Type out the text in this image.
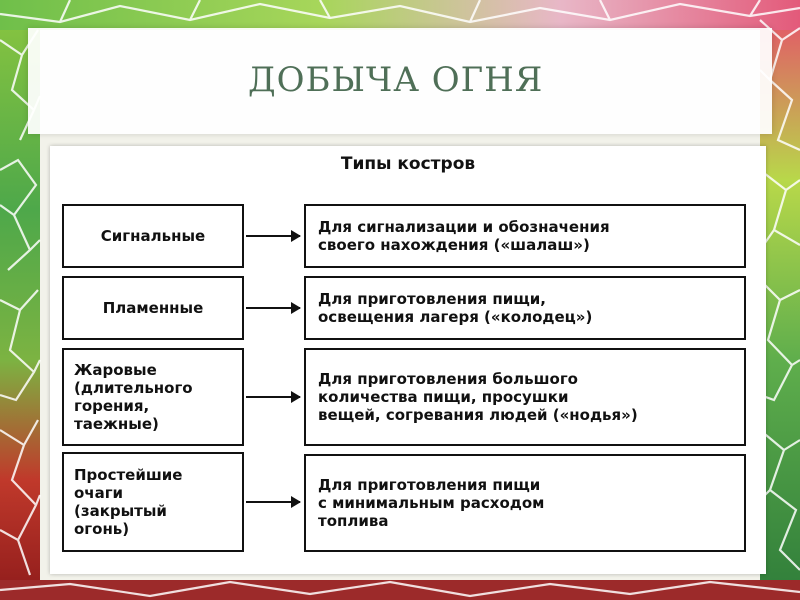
ДОБЫЧА ОГНЯ
Типы костров
Сигнальные	Для сигнализации и обозначения
своего нахождения («шалаш»)
Пламенные	Для приготовления пищи,
освещения лагеря («колодец»)
Жаровые
(длительного
горения,
таежные)
Для приготовления большого
количества пищи, просушки
вещей, согревания людей («нодья»)
Простейшие
очаги
(закрытый
огонь)
Для приготовления пищи
с минимальным расходом
топлива
